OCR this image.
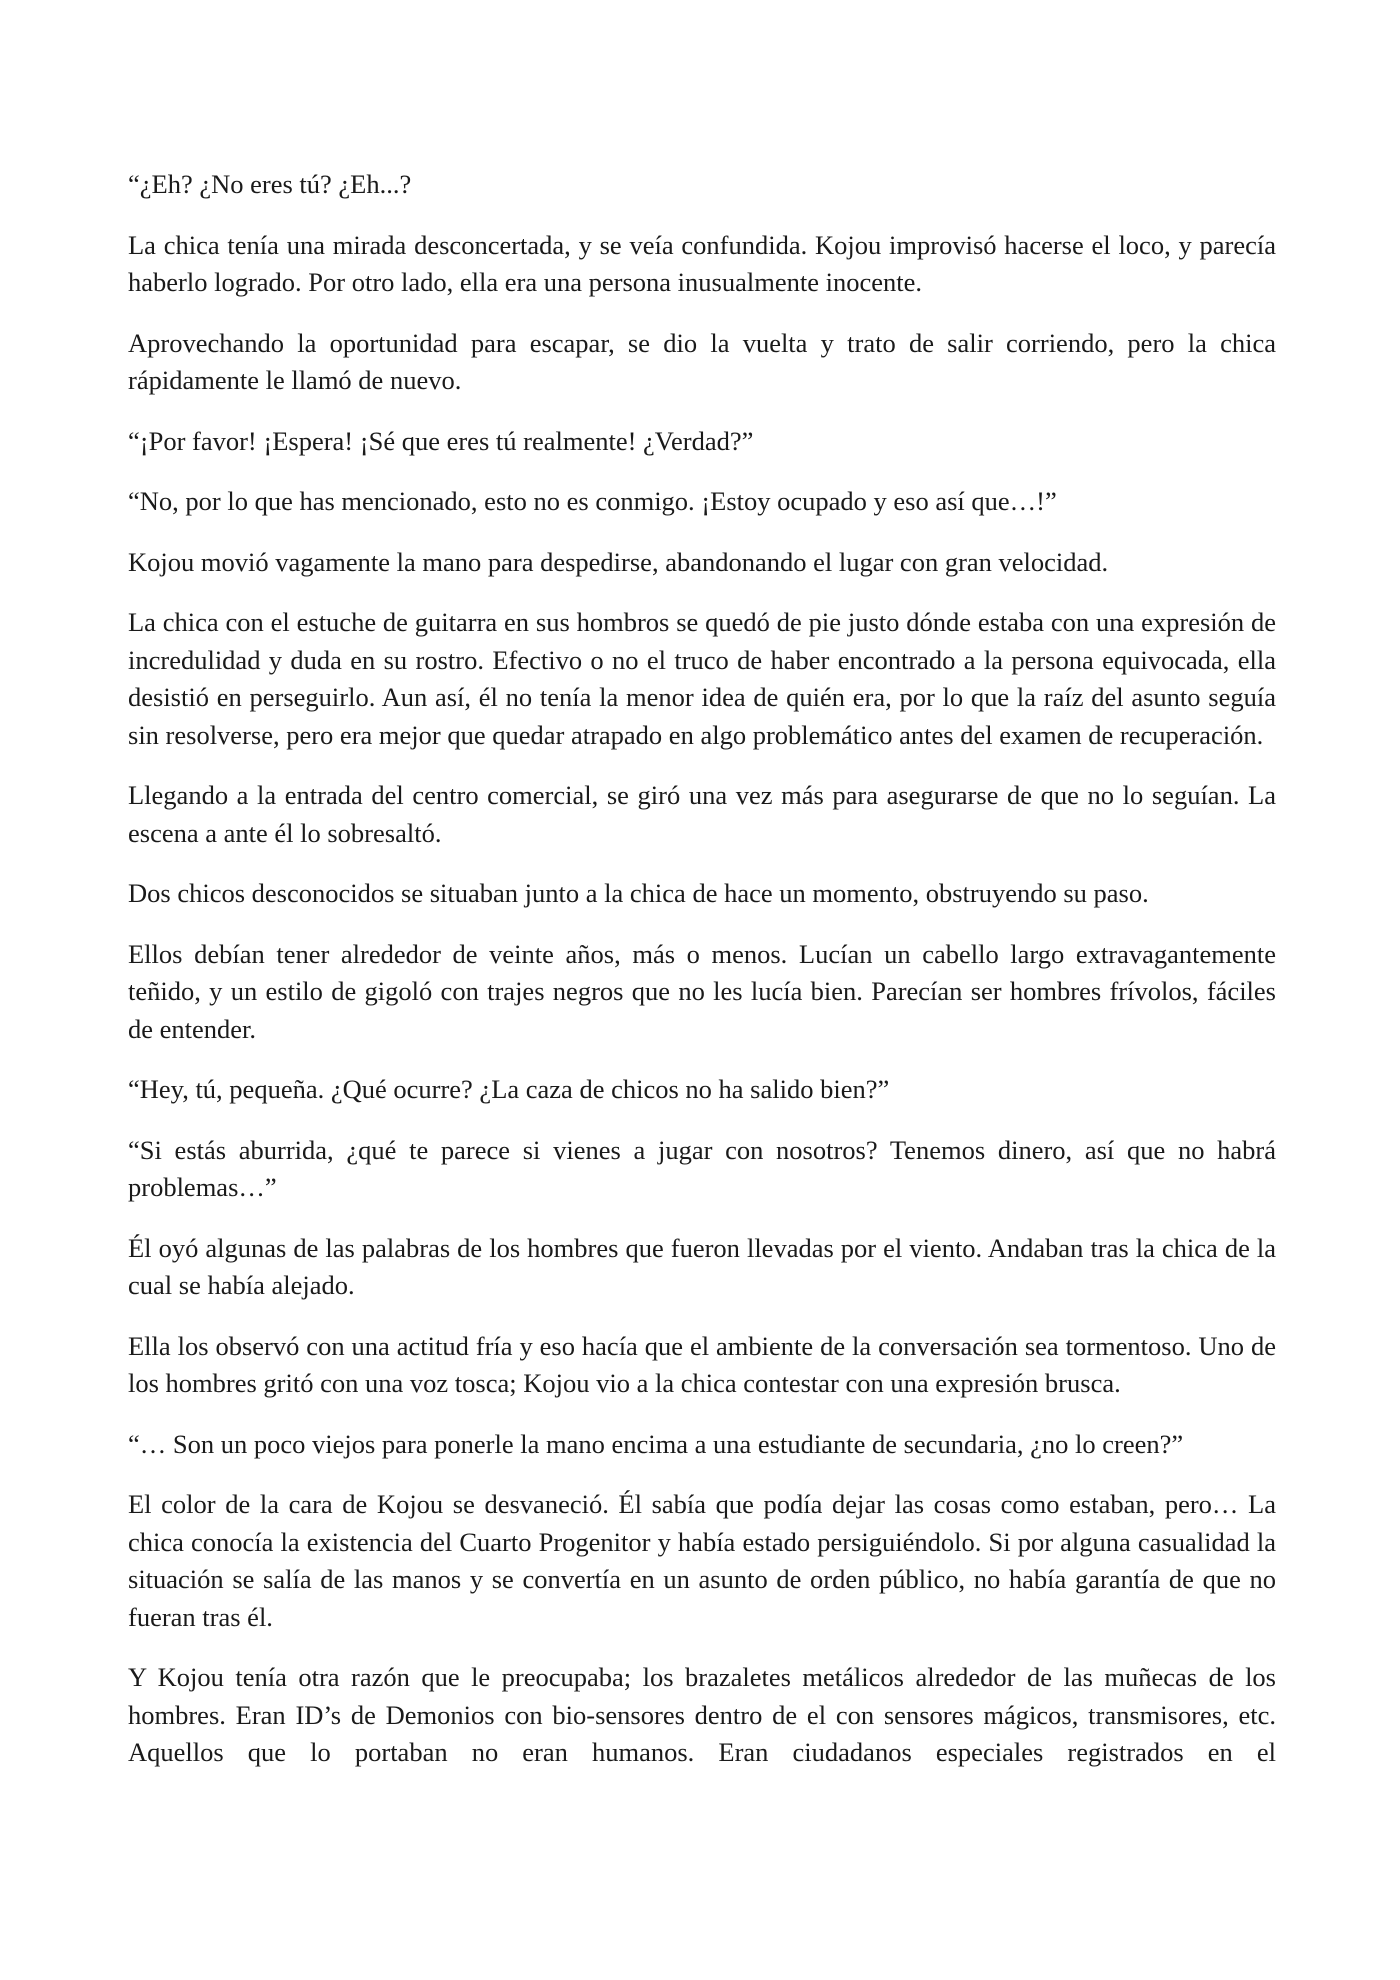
“¿Eh? ¿No eres tú? ¿Eh...?

La chica tenía una mirada desconcertada, y se veía confundida. Kojou improvisó hacerse el loco, y parecía haberlo logrado. Por otro lado, ella era una persona inusualmente inocente.

Aprovechando la oportunidad para escapar, se dio la vuelta y trato de salir corriendo, pero la chica rápidamente le llamó de nuevo.

“¡Por favor! ¡Espera! ¡Sé que eres tú realmente! ¿Verdad?”

“No, por lo que has mencionado, esto no es conmigo. ¡Estoy ocupado y eso así que…!”

Kojou movió vagamente la mano para despedirse, abandonando el lugar con gran velocidad.

La chica con el estuche de guitarra en sus hombros se quedó de pie justo dónde estaba con una expresión de incredulidad y duda en su rostro. Efectivo o no el truco de haber encontrado a la persona equivocada, ella desistió en perseguirlo. Aun así, él no tenía la menor idea de quién era, por lo que la raíz del asunto seguía sin resolverse, pero era mejor que quedar atrapado en algo problemático antes del examen de recuperación.

Llegando a la entrada del centro comercial, se giró una vez más para asegurarse de que no lo seguían. La escena a ante él lo sobresaltó.

Dos chicos desconocidos se situaban junto a la chica de hace un momento, obstruyendo su paso.

Ellos debían tener alrededor de veinte años, más o menos. Lucían un cabello largo extravagantemente teñido, y un estilo de gigoló con trajes negros que no les lucía bien. Parecían ser hombres frívolos, fáciles de entender.

“Hey, tú, pequeña. ¿Qué ocurre? ¿La caza de chicos no ha salido bien?”

“Si estás aburrida, ¿qué te parece si vienes a jugar con nosotros? Tenemos dinero, así que no habrá problemas…”

Él oyó algunas de las palabras de los hombres que fueron llevadas por el viento. Andaban tras la chica de la cual se había alejado.

Ella los observó con una actitud fría y eso hacía que el ambiente de la conversación sea tormentoso. Uno de los hombres gritó con una voz tosca; Kojou vio a la chica contestar con una expresión brusca.

“… Son un poco viejos para ponerle la mano encima a una estudiante de secundaria, ¿no lo creen?”

El color de la cara de Kojou se desvaneció. Él sabía que podía dejar las cosas como estaban, pero… La chica conocía la existencia del Cuarto Progenitor y había estado persiguiéndolo. Si por alguna casualidad la situación se salía de las manos y se convertía en un asunto de orden público, no había garantía de que no fueran tras él.

Y Kojou tenía otra razón que le preocupaba; los brazaletes metálicos alrededor de las muñecas de los hombres. Eran ID’s de Demonios con bio-sensores dentro de el con sensores mágicos, transmisores, etc. Aquellos que lo portaban no eran humanos. Eran ciudadanos especiales registrados en el
